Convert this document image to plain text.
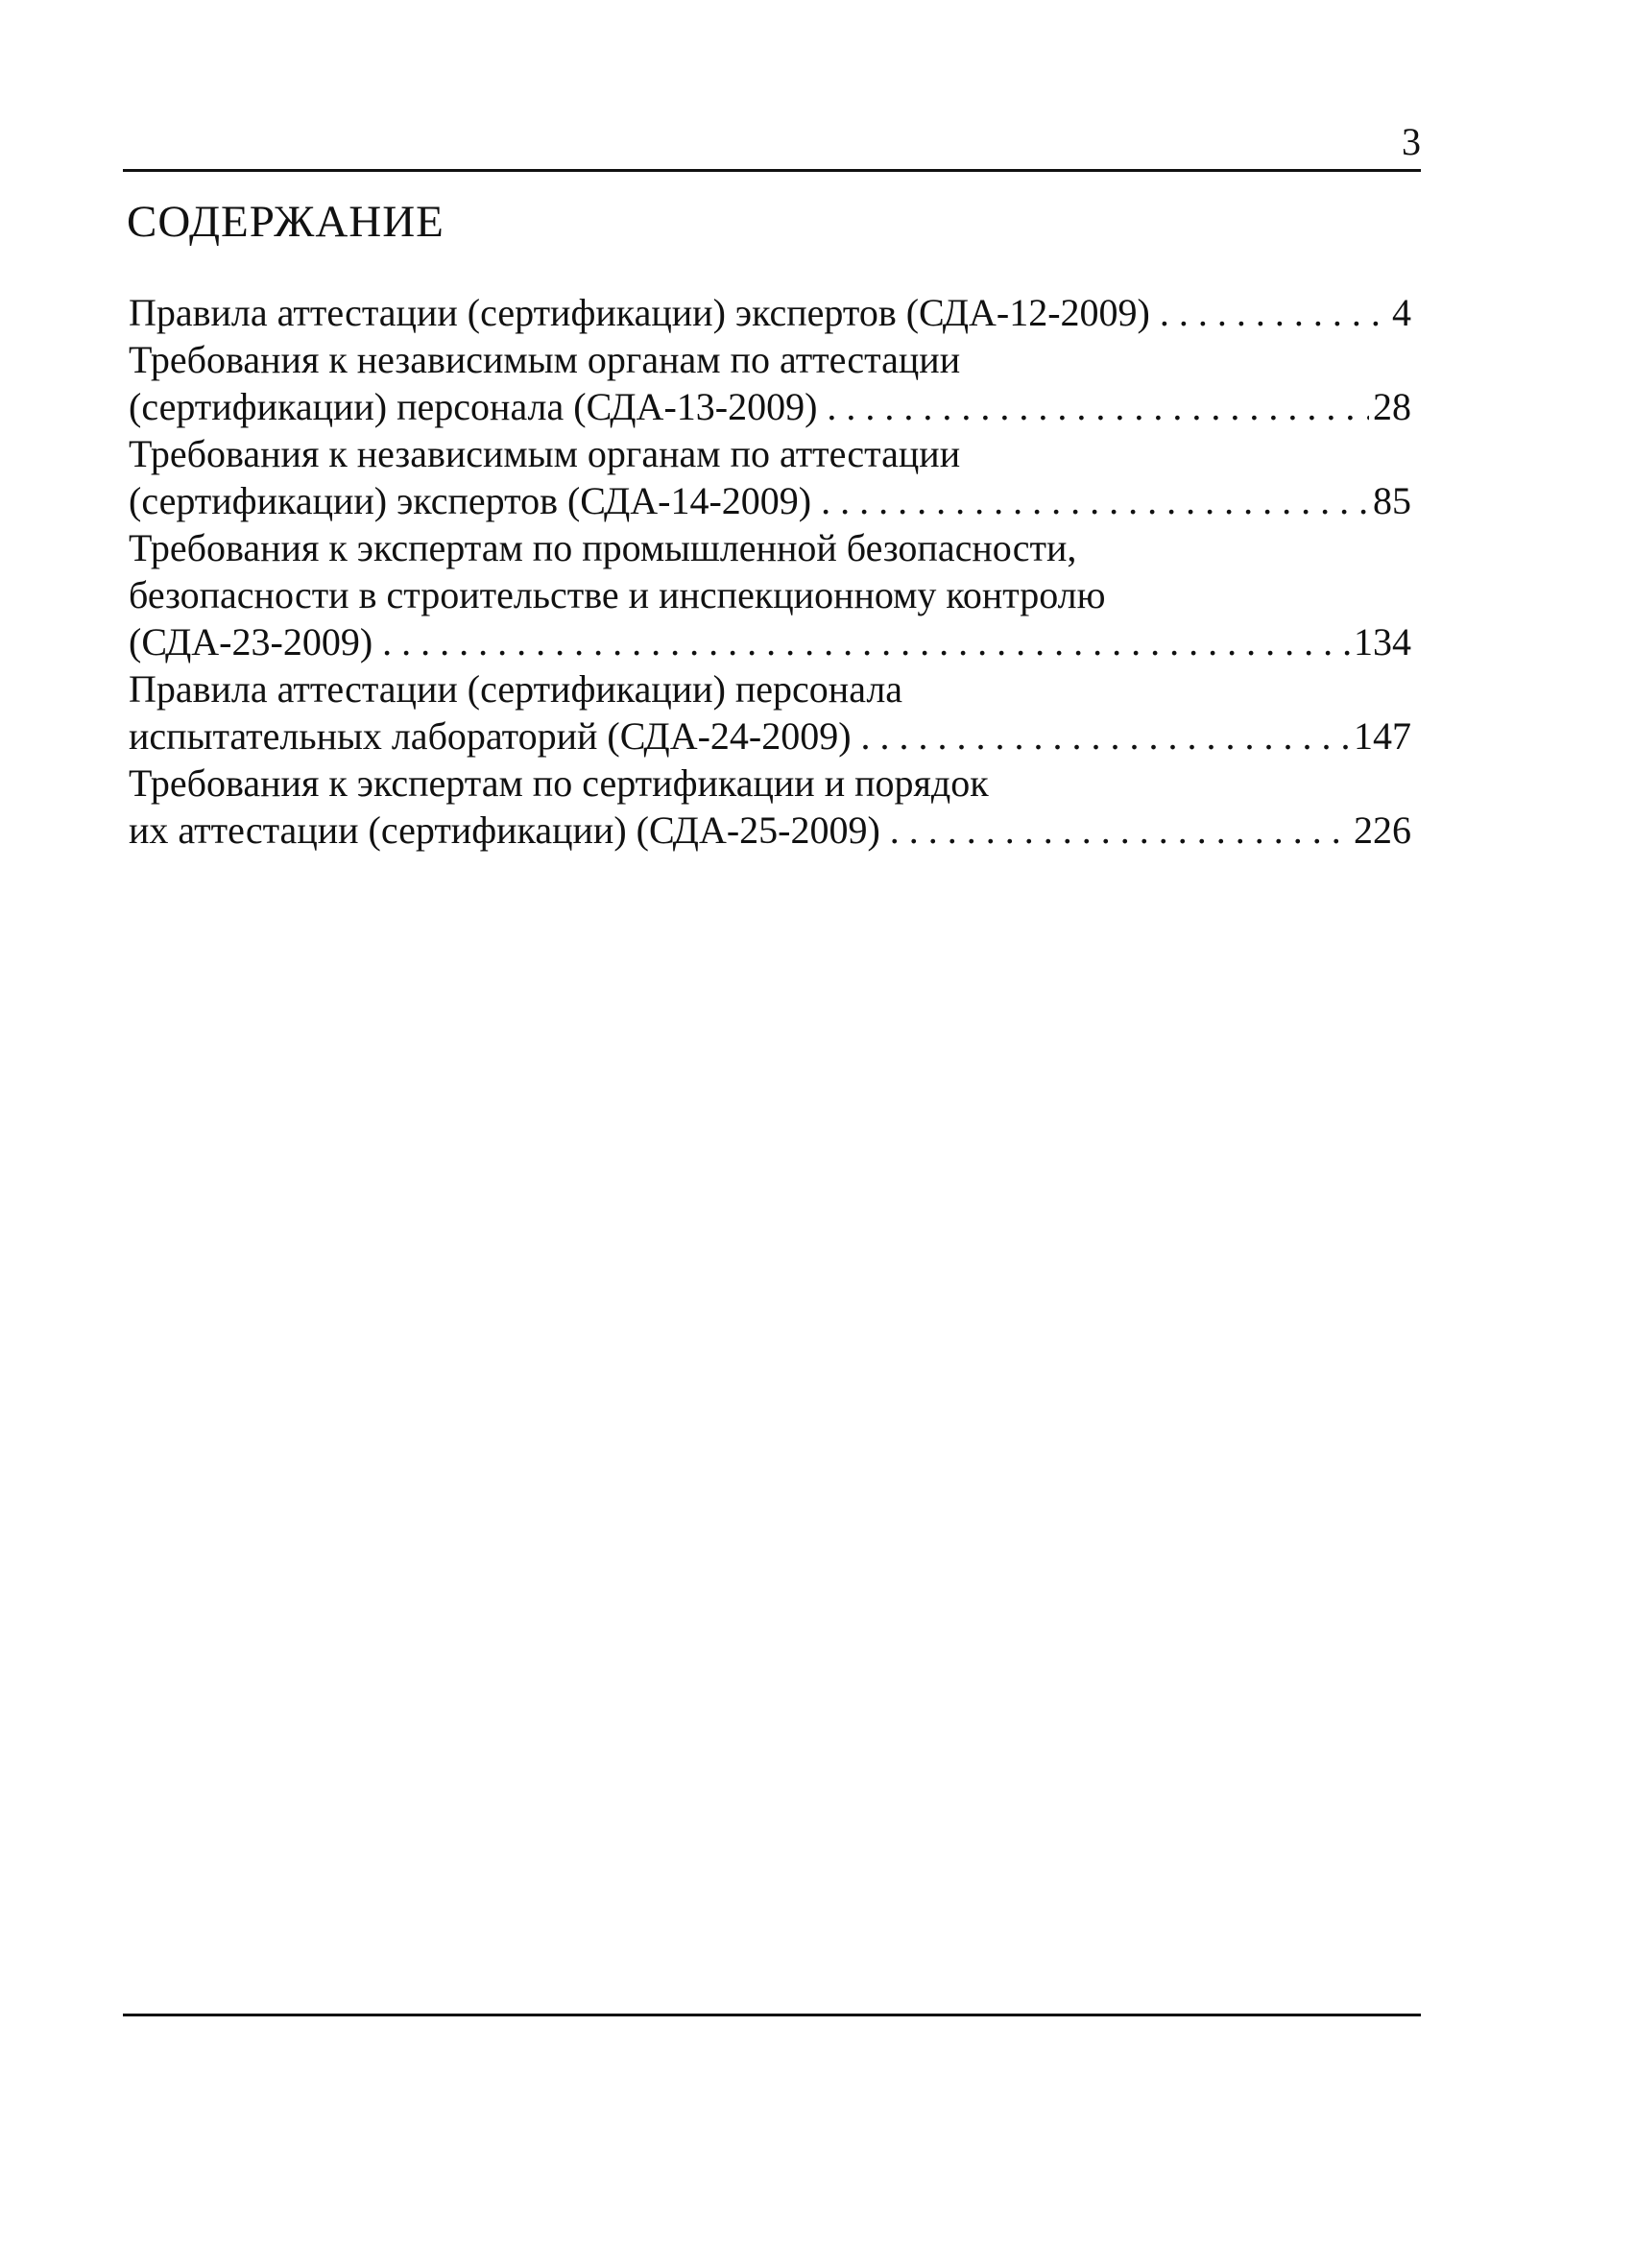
3
СОДЕРЖАНИЕ
Правила аттестации (сертификации) экспертов (СДА-12-2009) . . .	4
Требования к независимым органам по аттестации
(сертификации) персонала (СДА-13-2009) . . .	28
Требования к независимым органам по аттестации
(сертификации) экспертов (СДА-14-2009) . . .	85
Требования к экспертам по промышленной безопасности,
безопасности в строительстве и инспекционному контролю
(СДА-23-2009) . . .	134
Правила аттестации (сертификации) персонала
испытательных лабораторий (СДА-24-2009) . . .	147
Требования к экспертам по сертификации и порядок
их аттестации (сертификации) (СДА-25-2009) . . .	226
